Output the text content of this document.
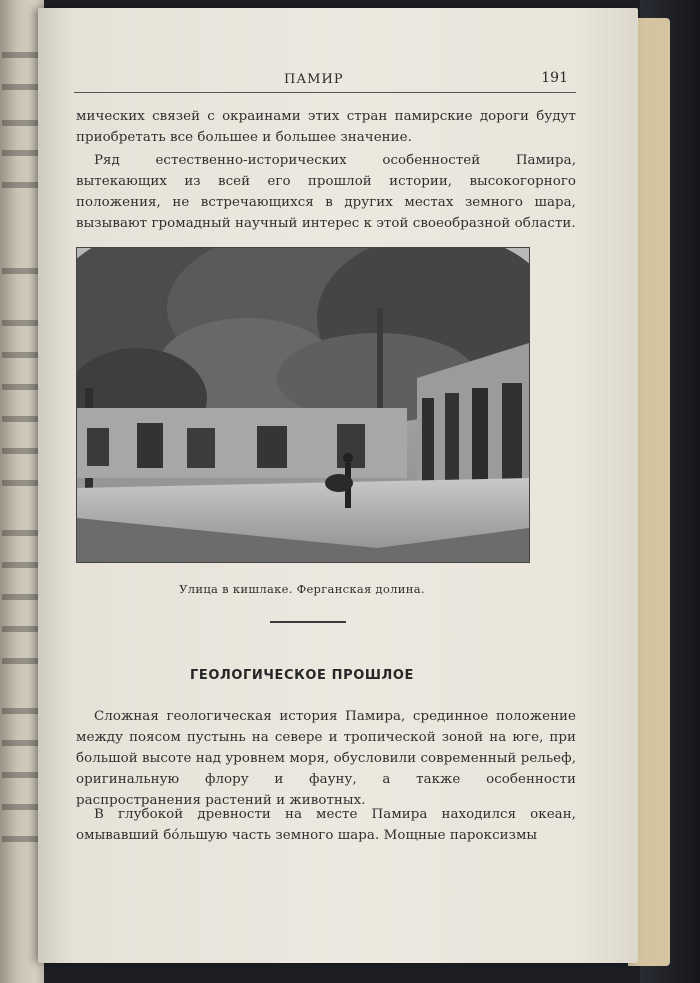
ПАМИР	191
мических связей с окраинами этих стран памирские дороги будут приобретать все большее и большее значение.
Ряд естественно-исторических особенностей Памира, вытекающих из всей его прошлой истории, высокогорного положения, не встречающихся в других местах земного шара, вызывают громадный научный интерес к этой своеобразной области.
Улица в кишлаке. Ферганская долина.
ГЕОЛОГИЧЕСКОЕ ПРОШЛОЕ
Сложная геологическая история Памира, срединное положение между поясом пустынь на севере и тропической зоной на юге, при большой высоте над уровнем моря, обусловили современный рельеф, оригинальную флору и фауну, а также особенности распространения растений и животных.
В глубокой древности на месте Памира находился океан, омывавший бо́льшую часть земного шара. Мощные пароксизмы
